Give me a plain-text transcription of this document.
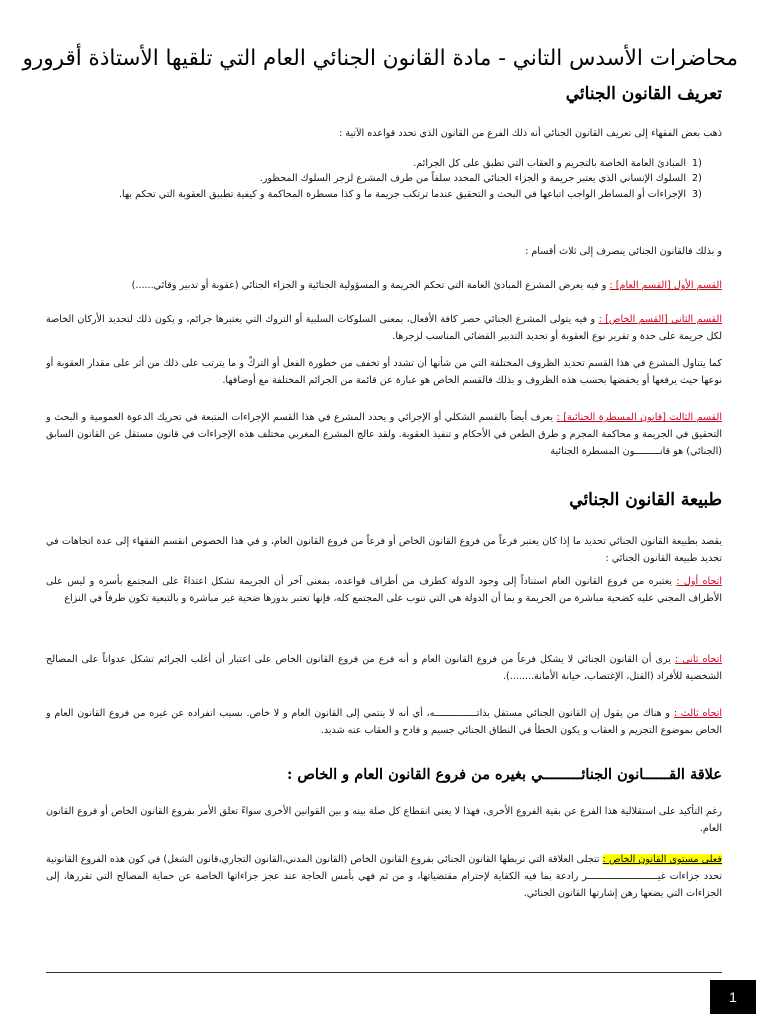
محاضرات الأسدس التاني - مادة القانون الجنائي العام التي تلقيها الأستاذة أقرورو
تعريف القانون الجنائي
ذهب بعض الفقهاء إلى تعريف القانون الجنائي أنه ذلك الفرع من القانون الذي تحدد قواعده الآتية :
1)
المبادئ العامة الخاصة بالتجريم و العقاب التي تطبق على كل الجرائم.
2)
السلوك الإنساني الذي يعتبر جريمة و الجزاء الجنائي المحدد سلفاً من طرف المشرع لزجر السلوك المحظور.
3)
الإجراءات أو المساطر الواجب اتباعها في البحث و التحقيق عندما ترتكب جريمة ما و كذا مسطرة المحاكمة و كيفية تطبيق العقوبة التي تحكم بها.
و بذلك فالقانون الجنائي ينصرف إلى ثلاث أقسام :
القسم الأول [القسم العام] : و فيه يعرض المشرع المبادئ العامة التي تحكم الجريمة و المسؤولية الجنائية و الجزاء الجنائي (عقوبة أو تدبير وقائي......)
القسم الثاني [القسم الخاص] : و فيه يتولى المشرع الجنائي حصر كافة الأفعال، بمعنى السلوكات السلبية أو التروك التي يعتبرها جرائم، و يكون ذلك لتحديد الأركان الخاصة لكل جريمة على حدة و تقرير نوع العقوبة أو تحديد التدبير القضائي المناسب لزجرها.
كما يتناول المشرع في هذا القسم تحديد الظروف المختلفة التي من شأنها أن تشدد أو تخفف من خطورة الفعل أو التركْ و ما يترتب على ذلك من أثر على مقدار العقوبة أو نوعها حيث يرفعها أو يخفضها بحسب هذه الظروف و بذلك فالقسم الخاص هو عبارة عن قائمة من الجرائم المختلفة مع أوصافها.
القسم الثالث [قانون المسطرة الجنائية] : يعرف أيضاً بالقسم الشكلي أو الإجرائي و يحدد المشرع في هذا القسم الإجراءات المتبعة في تحريك الدعوة العمومية و البحث و التحقيق في الجريمة و محاكمة المجرم و طرق الطعن في الأحكام و تنفيذ العقوبة. ولقد عالج المشرع المغربي مختلف هذه الإجراءات في قانون مستقل عن القانون السابق (الجنائي) هو قانـــــــــون المسطرة الجنائية
طبيعة القانون الجنائي
يقصد بطبيعة القانون الجنائي تحديد ما إذا كان يعتبر فرعاً من فروع القانون الخاص أو فرعاً من فروع القانون العام، و في هذا الخصوص انقسم الفقهاء إلى عدة اتجاهات في تحديد طبيعة القانون الجنائي :
اتجاه أول : يعتبره من فروع القانون العام استناداً إلى وجود الدولة كطرف من أطراف قواعده، بمعنى آخر أن الجريمة تشكل اعتداءً على المجتمع بأسره و ليس على الأطراف المجني عليه كضحية مباشرة من الجريمة و بما أن الدولة هي التي تنوب على المجتمع كله، فإنها تعتبر بدورها ضحية غير مباشرة و بالتبعية تكون طرفاً في النزاع
اتجاه ثاني : يرى أن القانون الجنائي لا يشكل فرعاً من فروع القانون العام و أنه فرع من فروع القانون الخاص على اعتبار أن أغلب الجرائم تشكل عدواناً على المصالح الشخصية للأفراد (القتل، الإغتصاب، خيانة الأمانة........).
اتجاه ثالث : و هناك من يقول إن القانون الجنائي مستقل بذاتـــــــــــــــه، أي أنه لا ينتمي إلى القانون العام و لا خاص. بسبب انفراده عن غيره من فروع القانون العام و الخاص بموضوع التجريم و العقاب و يكون الخطأ في النطاق الجنائي جسيم و فادح و العقاب عنه شديد.
علاقة القــــــانون الجنائـــــــــي بغيره من فروع القانون العام و الخاص :
رغم التأكيد على استقلالية هذا الفرع عن بقية الفروع الأخرى، فهذا لا يعني انقطاع كل صلة بينه و بين القوانين الأخرى سواءً تعلق الأمر بفروع القانون الخاص أو فروع القانون العام.
فعلى مستوى القانون الخاص : تتجلى العلاقة التي تربطها القانون الجنائي بفروع القانون الخاص (القانون المدني،القانون التجاري،قانون الشغل) في كون هذه الفروع القانونية تحدد جزاءات غيـــــــــــــــــــــــــر رادعة بما فيه الكفاية لإحترام مقتضياتها، و من ثم فهي بأمس الحاجة عند عجز جزاءاتها الخاصة عن حماية المصالح التي تقررها، إلى الجزاءات التي يضعها رهن إشارتها القانون الجنائي.
1
